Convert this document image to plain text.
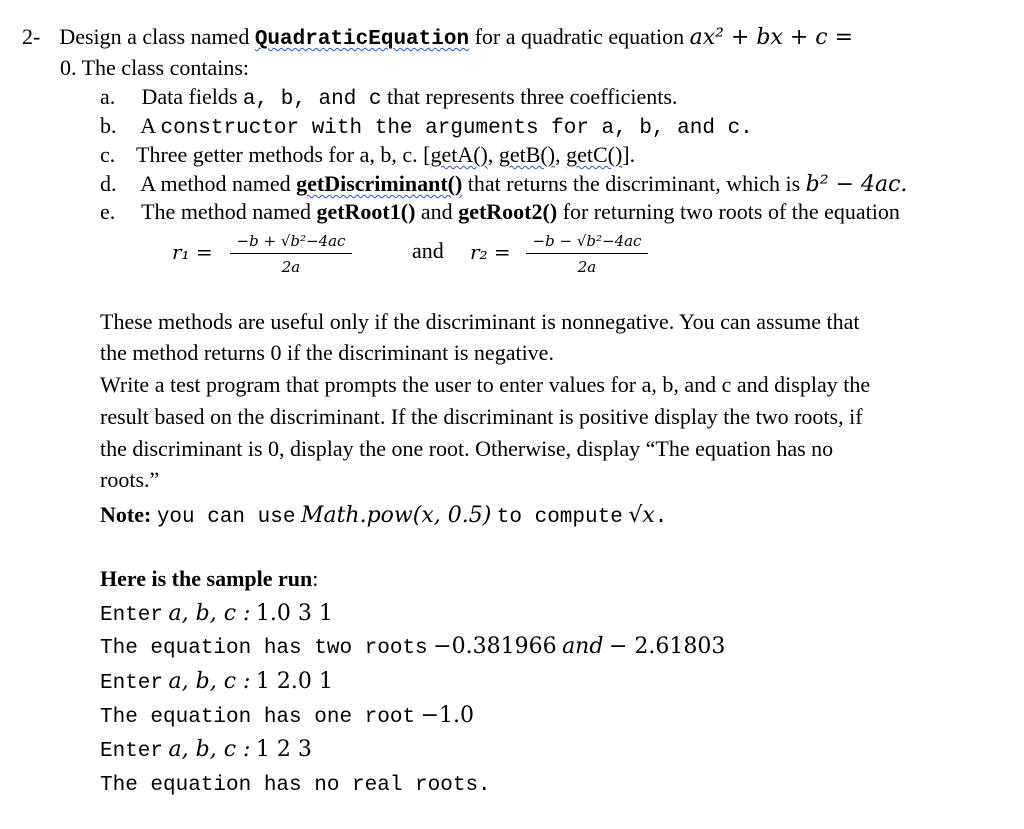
2- Design a class named QuadraticEquation for a quadratic equation ax² + bx + c =
0. The class contains:
a. Data fields a, b, and c that represents three coefficients.
b. A constructor with the arguments for a, b, and c.
c. Three getter methods for a, b, c. [getA(), getB(), getC()].
d. A method named getDiscriminant() that returns the discriminant, which is b² − 4ac.
e. The method named getRoot1() and getRoot2() for returning two roots of the equation
$r_1 = \frac{\text{−b + √b²−4ac}}{2a}$	and $r_2 = \frac{\text{−b − √b²−4ac}}{2a}$
These methods are useful only if the discriminant is nonnegative. You can assume that
the method returns 0 if the discriminant is negative.
Write a test program that prompts the user to enter values for a, b, and c and display the
result based on the discriminant. If the discriminant is positive display the two roots, if
the discriminant is 0, display the one root. Otherwise, display “The equation has no
roots.”
Note: you can use Math.pow(x, 0.5) to compute √x.
Here is the sample run:
Enter a, b, c : 1.0 3 1
The equation has two roots −0.381966 and − 2.61803
Enter a, b, c : 1 2.0 1
The equation has one root −1.0
Enter a, b, c : 1 2 3
The equation has no real roots.
